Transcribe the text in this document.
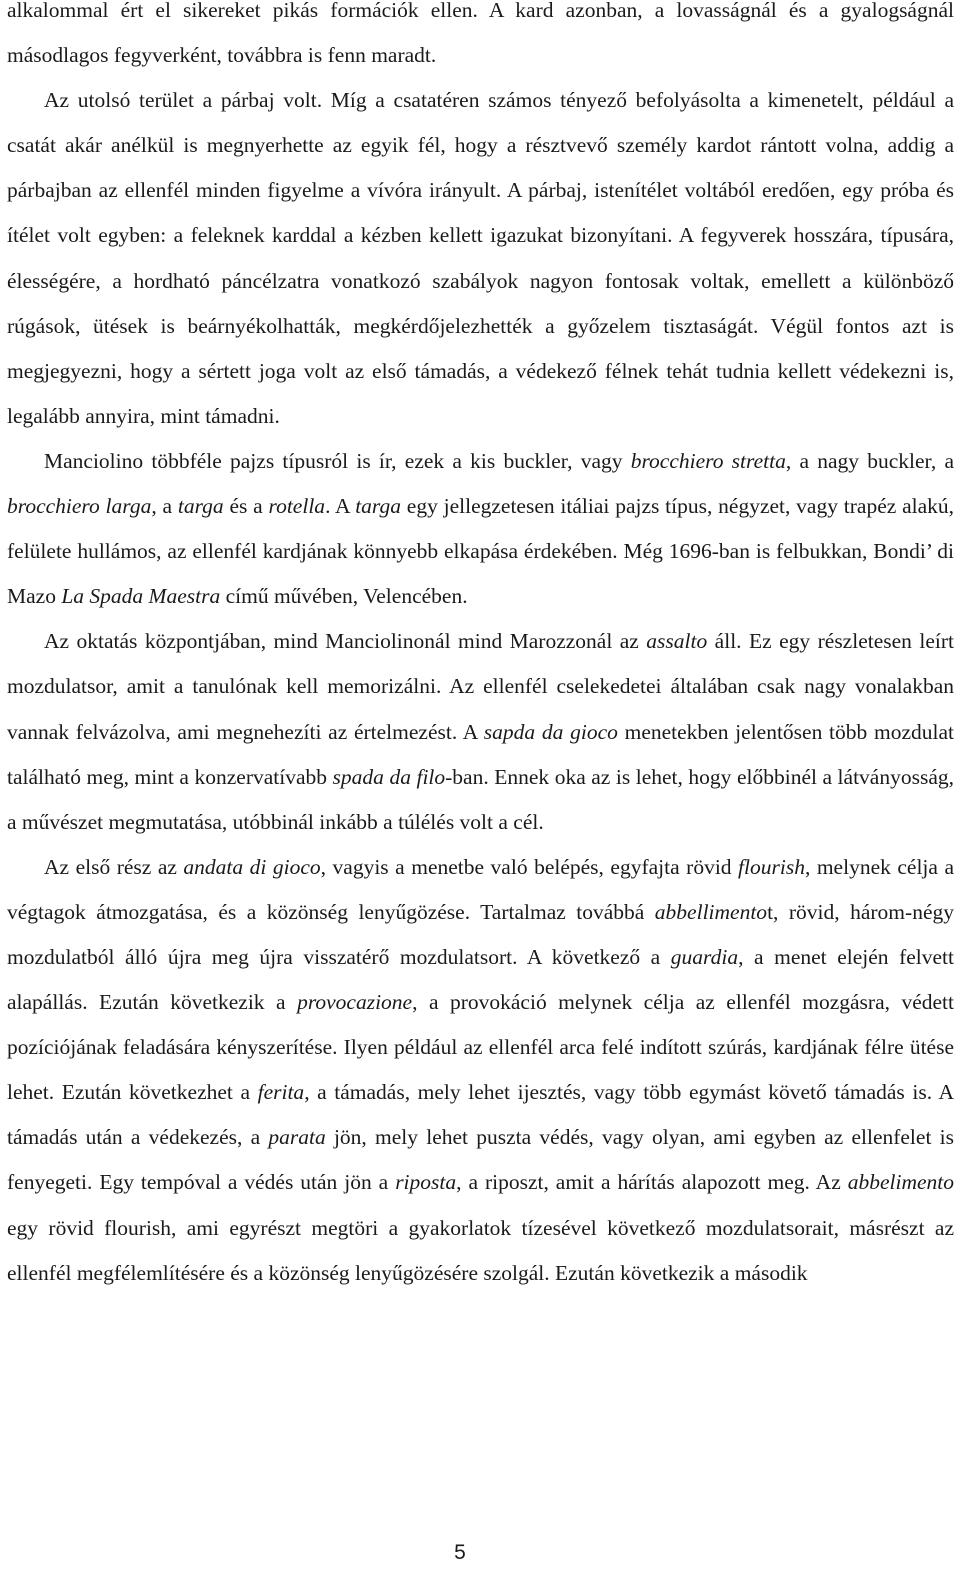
alkalommal ért el sikereket pikás formációk ellen. A kard azonban, a lovasságnál és a gyalogságnál másodlagos fegyverként, továbbra is fenn maradt.

Az utolsó terület a párbaj volt. Míg a csatatéren számos tényező befolyásolta a kimenetelt, például a csatát akár anélkül is megnyerhette az egyik fél, hogy a résztvevő személy kardot rántott volna, addig a párbajban az ellenfél minden figyelme a vívóra irányult. A párbaj, istenítélet voltából eredően, egy próba és ítélet volt egyben: a feleknek karddal a kézben kellett igazukat bizonyítani. A fegyverek hosszára, típusára, élességére, a hordható páncélzatra vonatkozó szabályok nagyon fontosak voltak, emellett a különböző rúgások, ütések is beárnyékolhatták, megkérdőjelezhették a győzelem tisztaságát. Végül fontos azt is megjegyezni, hogy a sértett joga volt az első támadás, a védekező félnek tehát tudnia kellett védekezni is, legalább annyira, mint támadni.

Manciolino többféle pajzs típusról is ír, ezek a kis buckler, vagy brocchiero stretta, a nagy buckler, a brocchiero larga, a targa és a rotella. A targa egy jellegzetesen itáliai pajzs típus, négyzet, vagy trapéz alakú, felülete hullámos, az ellenfél kardjának könnyebb elkapása érdekében. Még 1696-ban is felbukkan, Bondi’ di Mazo La Spada Maestra című művében, Velencében.

Az oktatás központjában, mind Manciolinonál mind Marozzonál az assalto áll. Ez egy részletesen leírt mozdulatsor, amit a tanulónak kell memorizálni. Az ellenfél cselekedetei általában csak nagy vonalakban vannak felvázolva, ami megnehezíti az értelmezést. A sapda da gioco menetekben jelentősen több mozdulat található meg, mint a konzervatívabb spada da filo-ban. Ennek oka az is lehet, hogy előbbinél a látványosság, a művészet megmutatása, utóbbinál inkább a túlélés volt a cél.

Az első rész az andata di gioco, vagyis a menetbe való belépés, egyfajta rövid flourish, melynek célja a végtagok átmozgatása, és a közönség lenyűgözése. Tartalmaz továbbá abbellimentot, rövid, három-négy mozdulatból álló újra meg újra visszatérő mozdulatsort. A következő a guardia, a menet elején felvett alapállás. Ezután következik a provocazione, a provokáció melynek célja az ellenfél mozgásra, védett pozíciójának feladására kényszerítése. Ilyen például az ellenfél arca felé indított szúrás, kardjának félre ütése lehet. Ezután következhet a ferita, a támadás, mely lehet ijesztés, vagy több egymást követő támadás is. A támadás után a védekezés, a parata jön, mely lehet puszta védés, vagy olyan, ami egyben az ellenfelet is fenyegeti. Egy tempóval a védés után jön a riposta, a riposzt, amit a hárítás alapozott meg. Az abbelimento egy rövid flourish, ami egyrészt megtöri a gyakorlatok tízesével következő mozdulatsorait, másrészt az ellenfél megfélemlítésére és a közönség lenyűgözésére szolgál. Ezután következik a második

5
